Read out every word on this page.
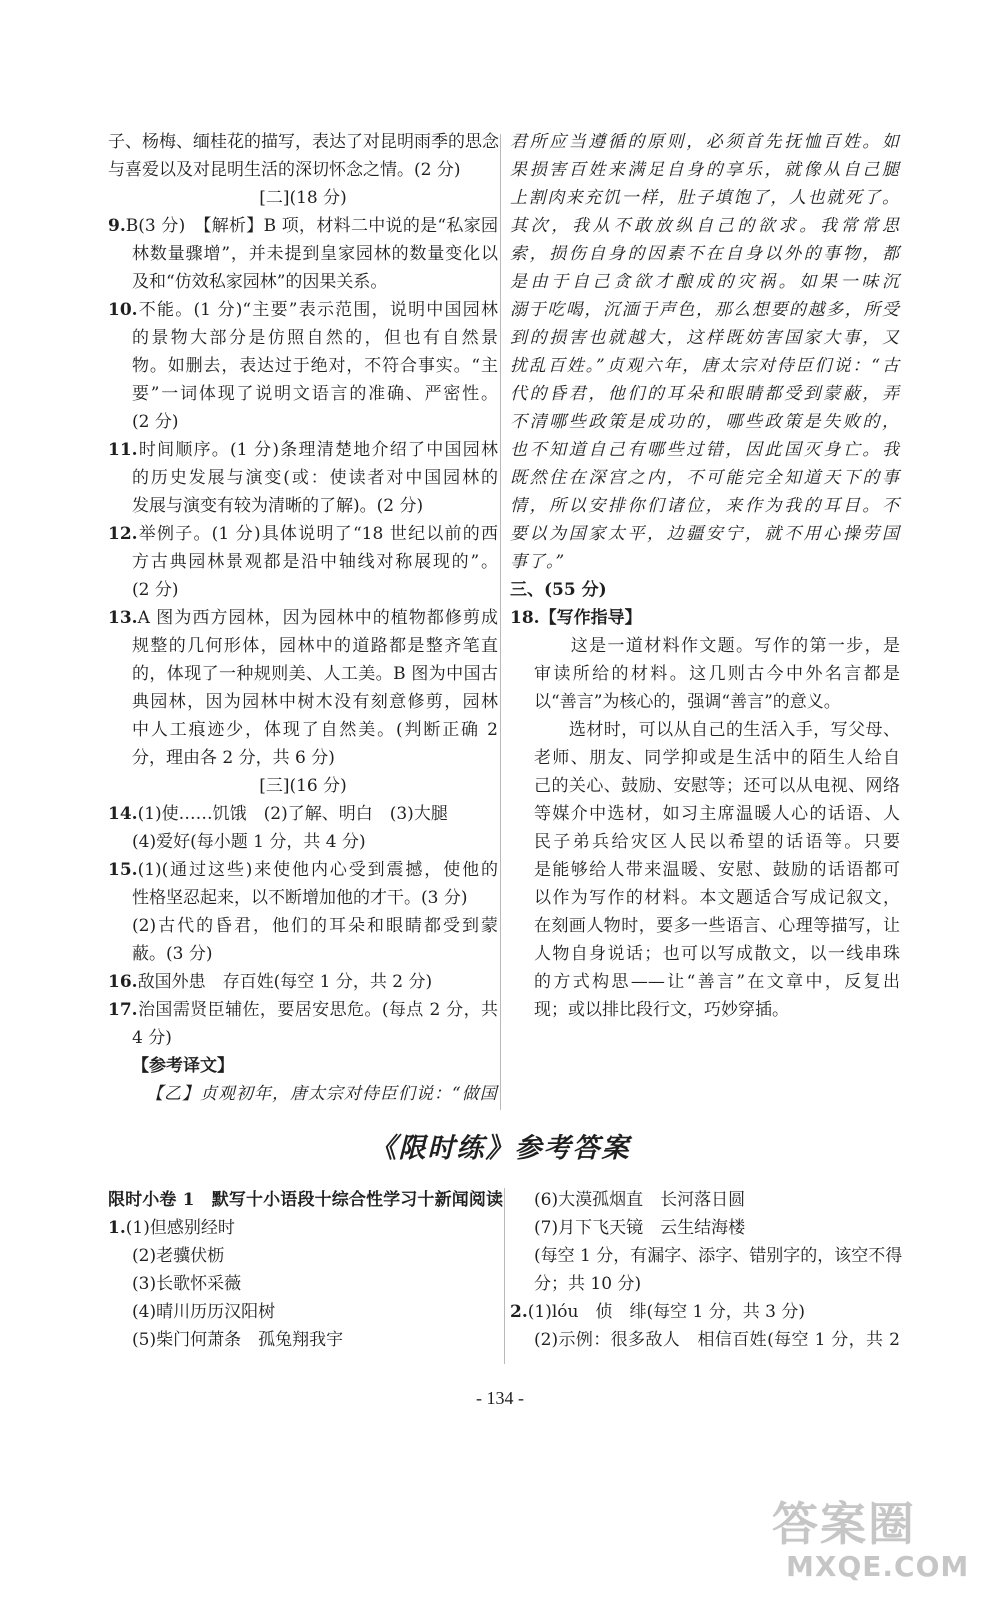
子、杨梅、缅桂花的描写，表达了对昆明雨季的思念
与喜爱以及对昆明生活的深切怀念之情。(2 分)
[二](18 分)
9.B(3 分)　【解析】B 项，材料二中说的是“私家园
林数量骤增”，并未提到皇家园林的数量变化以
及和“仿效私家园林”的因果关系。
10.不能。(1 分)“主要”表示范围，说明中国园林
的景物大部分是仿照自然的，但也有自然景
物。如删去，表达过于绝对，不符合事实。“主
要”一词体现了说明文语言的准确、严密性。
(2 分)
11.时间顺序。(1 分)条理清楚地介绍了中国园林
的历史发展与演变(或：使读者对中国园林的
发展与演变有较为清晰的了解)。(2 分)
12.举例子。(1 分)具体说明了“18 世纪以前的西
方古典园林景观都是沿中轴线对称展现的”。
(2 分)
13.A 图为西方园林，因为园林中的植物都修剪成
规整的几何形体，园林中的道路都是整齐笔直
的，体现了一种规则美、人工美。B 图为中国古
典园林，因为园林中树木没有刻意修剪，园林
中人工痕迹少，体现了自然美。(判断正确 2
分，理由各 2 分，共 6 分)
[三](16 分)
14.(1)使……饥饿　(2)了解、明白　(3)大腿
(4)爱好(每小题 1 分，共 4 分)
15.(1)(通过这些)来使他内心受到震撼，使他的
性格坚忍起来，以不断增加他的才干。(3 分)
(2)古代的昏君，他们的耳朵和眼睛都受到蒙
蔽。(3 分)
16.敌国外患　存百姓(每空 1 分，共 2 分)
17.治国需贤臣辅佐，要居安思危。(每点 2 分，共
4 分)
【参考译文】
【乙】贞观初年，唐太宗对侍臣们说：“做国
君所应当遵循的原则，必须首先抚恤百姓。如
果损害百姓来满足自身的享乐，就像从自己腿
上割肉来充饥一样，肚子填饱了，人也就死了。
其次，我从不敢放纵自己的欲求。我常常思
索，损伤自身的因素不在自身以外的事物，都
是由于自己贪欲才酿成的灾祸。如果一味沉
溺于吃喝，沉湎于声色，那么想要的越多，所受
到的损害也就越大，这样既妨害国家大事，又
扰乱百姓。”贞观六年，唐太宗对侍臣们说：“古
代的昏君，他们的耳朵和眼睛都受到蒙蔽，弄
不清哪些政策是成功的，哪些政策是失败的，
也不知道自己有哪些过错，因此国灭身亡。我
既然住在深宫之内，不可能完全知道天下的事
情，所以安排你们诸位，来作为我的耳目。不
要以为国家太平，边疆安宁，就不用心操劳国
事了。”
三、(55 分)
18.【写作指导】
　　这是一道材料作文题。写作的第一步，是
审读所给的材料。这几则古今中外名言都是
以“善言”为核心的，强调“善言”的意义。
　　选材时，可以从自己的生活入手，写父母、
老师、朋友、同学抑或是生活中的陌生人给自
己的关心、鼓励、安慰等；还可以从电视、网络
等媒介中选材，如习主席温暖人心的话语、人
民子弟兵给灾区人民以希望的话语等。只要
是能够给人带来温暖、安慰、鼓励的话语都可
以作为写作的材料。本文题适合写成记叙文，
在刻画人物时，要多一些语言、心理等描写，让
人物自身说话；也可以写成散文，以一线串珠
的方式构思——让“善言”在文章中，反复出
现；或以排比段行文，巧妙穿插。
《限时练》参考答案
限时小卷 1　默写十小语段十综合性学习十新闻阅读
1.(1)但感别经时
(2)老骥伏枥
(3)长歌怀采薇
(4)晴川历历汉阳树
(5)柴门何萧条　孤兔翔我宇
(6)大漠孤烟直　长河落日圆
(7)月下飞天镜　云生结海楼
(每空 1 分，有漏字、添字、错别字的，该空不得
分；共 10 分)
2.(1)lóu　侦　绯(每空 1 分，共 3 分)
(2)示例：很多敌人　相信百姓(每空 1 分，共 2
- 134 -
答案圈
MXQE.COM
